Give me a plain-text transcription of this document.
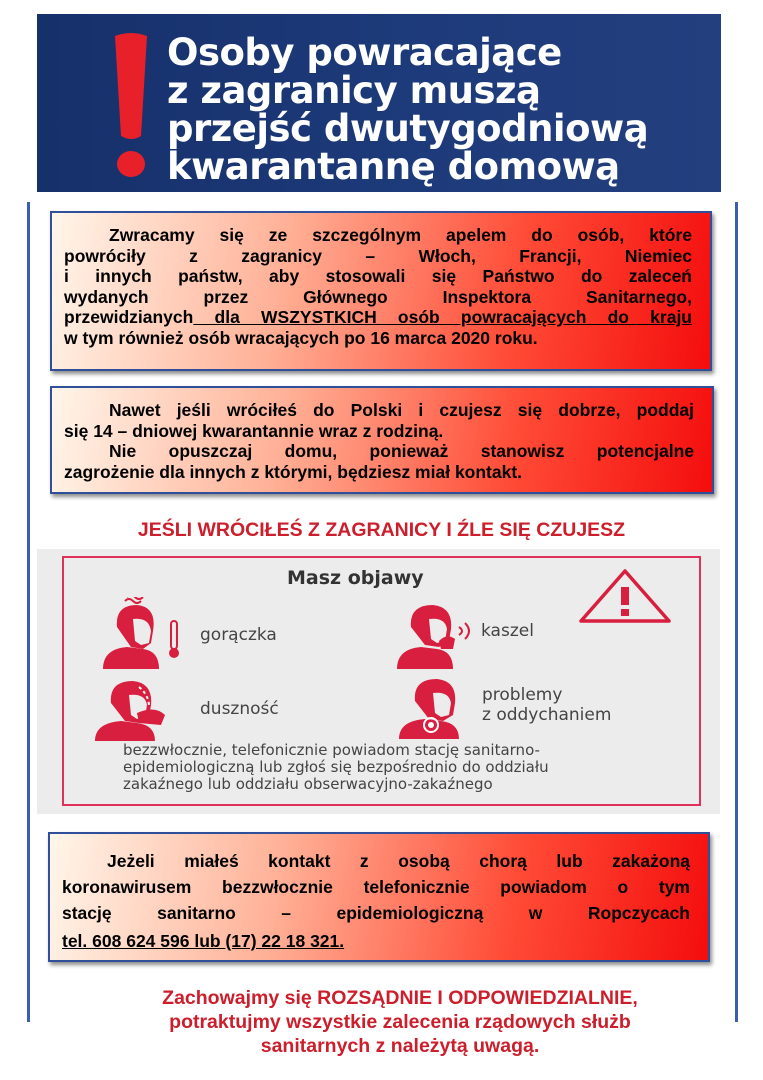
Osoby powracające
z zagranicy muszą
przejść dwutygodniową
kwarantannę domową

Zwracamy się ze szczególnym apelem do osób, które

powróciły z zagranicy – Włoch, Francji, Niemiec

i innych państw, aby stosowali się Państwo do zaleceń

wydanych przez Głównego Inspektora Sanitarnego,

przewidzianych dla WSZYSTKICH osób powracających do kraju

w tym również osób wracających po 16 marca 2020 roku.

Nawet jeśli wróciłeś do Polski i czujesz się dobrze, poddaj

się 14 – dniowej kwarantannie wraz z rodziną.

Nie opuszczaj domu, ponieważ stanowisz potencjalne

zagrożenie dla innych z którymi, będziesz miał kontakt.

JEŚLI WRÓCIŁEŚ Z ZAGRANICY I ŹLE SIĘ CZUJESZ
Masz objawy
gorączka	kaszel
duszność
problemy
z oddychaniem
bezzwłocznie, telefonicznie powiadom stację sanitarno-
epidemiologiczną lub zgłoś się bezpośrednio do oddziału
zakaźnego lub oddziału obserwacyjno-zakaźnego

Jeżeli miałeś kontakt z osobą chorą lub zakażoną

koronawirusem bezzwłocznie telefonicznie powiadom o tym

stację sanitarno – epidemiologiczną w Ropczycach

tel. 608 624 596 lub (17) 22 18 321.

Zachowajmy się ROZSĄDNIE I ODPOWIEDZIALNIE,
potraktujmy wszystkie zalecenia rządowych służb
sanitarnych z należytą uwagą.
